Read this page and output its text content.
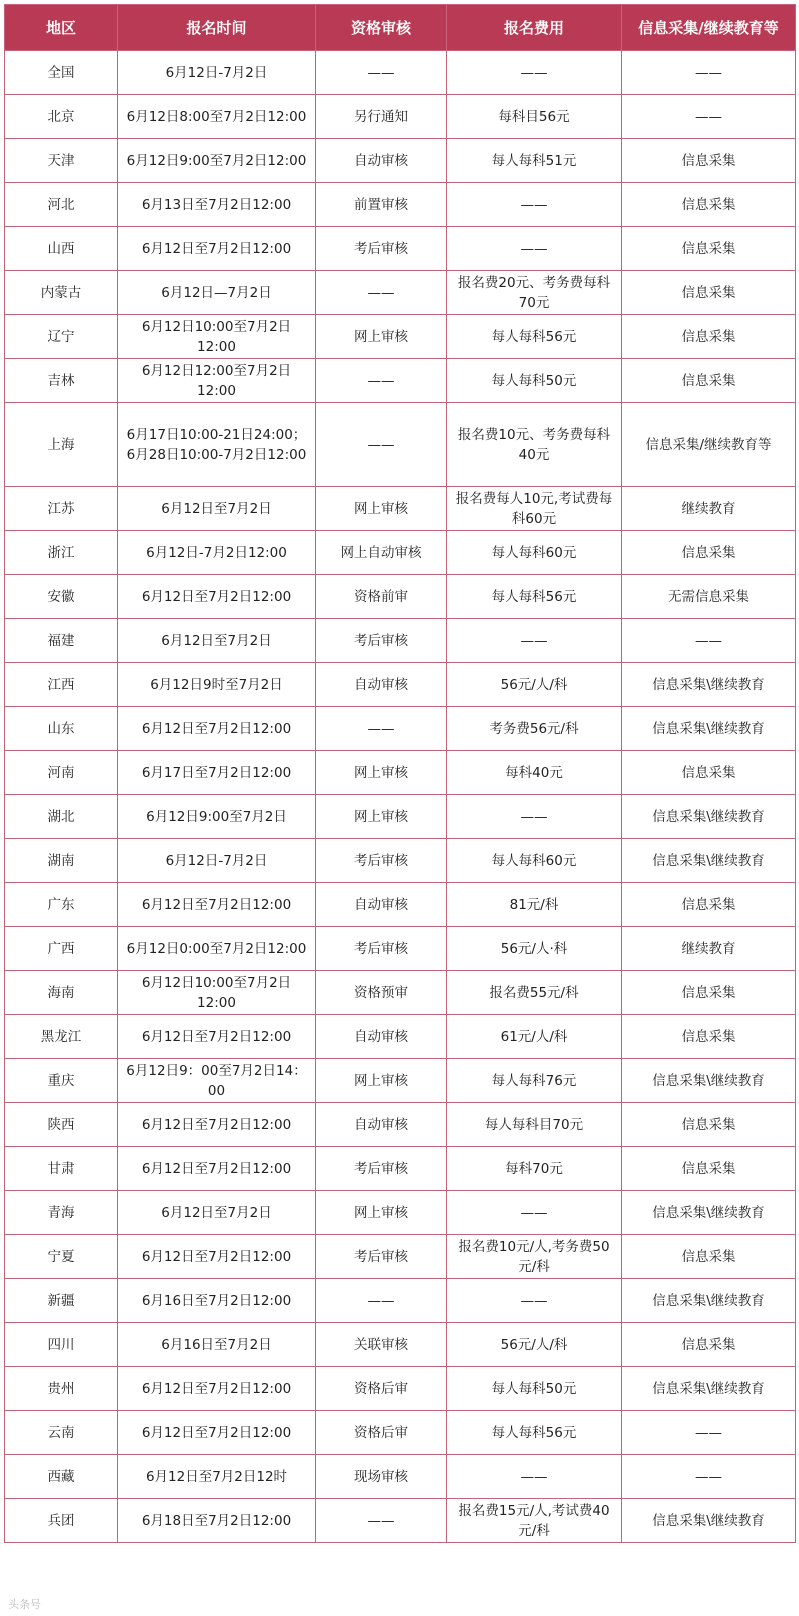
地区	报名时间	资格审核	报名费用	信息采集/继续教育等
全国	6月12日-7月2日	——	——	——
北京	6月12日8:00至7月2日12:00	另行通知	每科目56元	——
天津	6月12日9:00至7月2日12:00	自动审核	每人每科51元	信息采集
河北	6月13日至7月2日12:00	前置审核	——	信息采集
山西	6月12日至7月2日12:00	考后审核	——	信息采集
内蒙古	6月12日—7月2日	——	报名费20元、考务费每科70元	信息采集
辽宁	6月12日10:00至7月2日12:00	网上审核	每人每科56元	信息采集
吉林	6月12日12:00至7月2日12:00	——	每人每科50元	信息采集
上海	6月17日10:00-21日24:00；6月28日10:00-7月2日12:00	——	报名费10元、考务费每科40元	信息采集/继续教育等
江苏	6月12日至7月2日	网上审核	报名费每人10元,考试费每科60元	继续教育
浙江	6月12日-7月2日12:00	网上自动审核	每人每科60元	信息采集
安徽	6月12日至7月2日12:00	资格前审	每人每科56元	无需信息采集
福建	6月12日至7月2日	考后审核	——	——
江西	6月12日9时至7月2日	自动审核	56元/人/科	信息采集\继续教育
山东	6月12日至7月2日12:00	——	考务费56元/科	信息采集\继续教育
河南	6月17日至7月2日12:00	网上审核	每科40元	信息采集
湖北	6月12日9:00至7月2日	网上审核	——	信息采集\继续教育
湖南	6月12日-7月2日	考后审核	每人每科60元	信息采集\继续教育
广东	6月12日至7月2日12:00	自动审核	81元/科	信息采集
广西	6月12日0:00至7月2日12:00	考后审核	56元/人·科	继续教育
海南	6月12日10:00至7月2日12:00	资格预审	报名费55元/科	信息采集
黑龙江	6月12日至7月2日12:00	自动审核	61元/人/科	信息采集
重庆	6月12日9：00至7月2日14：00	网上审核	每人每科76元	信息采集\继续教育
陕西	6月12日至7月2日12:00	自动审核	每人每科目70元	信息采集
甘肃	6月12日至7月2日12:00	考后审核	每科70元	信息采集
青海	6月12日至7月2日	网上审核	——	信息采集\继续教育
宁夏	6月12日至7月2日12:00	考后审核	报名费10元/人,考务费50元/科	信息采集
新疆	6月16日至7月2日12:00	——	——	信息采集\继续教育
四川	6月16日至7月2日	关联审核	56元/人/科	信息采集
贵州	6月12日至7月2日12:00	资格后审	每人每科50元	信息采集\继续教育
云南	6月12日至7月2日12:00	资格后审	每人每科56元	——
西藏	6月12日至7月2日12时	现场审核	——	——
兵团	6月18日至7月2日12:00	——	报名费15元/人,考试费40元/科	信息采集\继续教育
头条号
